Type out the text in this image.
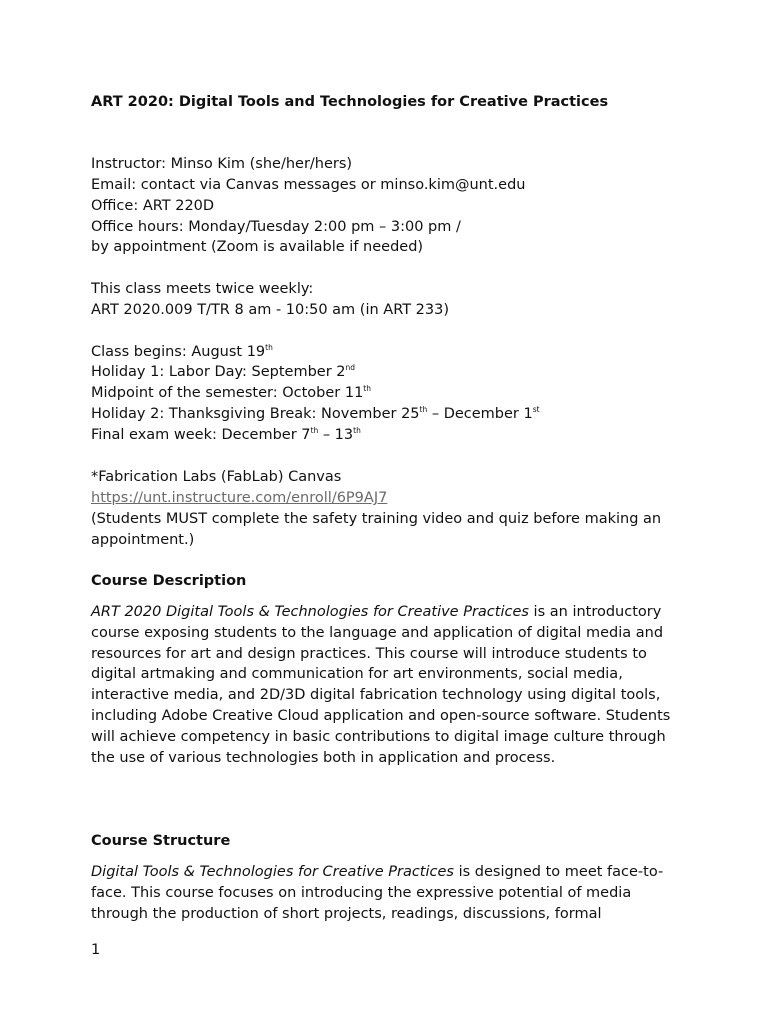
ART 2020: Digital Tools and Technologies for Creative Practices
Instructor: Minso Kim (she/her/hers)
Email: contact via Canvas messages or minso.kim@unt.edu
Office: ART 220D
Office hours: Monday/Tuesday 2:00 pm – 3:00 pm /
by appointment (Zoom is available if needed)
This class meets twice weekly:
ART 2020.009 T/TR 8 am - 10:50 am (in ART 233)
Class begins: August 19th
Holiday 1: Labor Day: September 2nd
Midpoint of the semester: October 11th
Holiday 2: Thanksgiving Break: November 25th – December 1st
Final exam week: December 7th – 13th
*Fabrication Labs (FabLab) Canvas
https://unt.instructure.com/enroll/6P9AJ7
(Students MUST complete the safety training video and quiz before making an appointment.)
Course Description
ART 2020 Digital Tools & Technologies for Creative Practices is an introductory course exposing students to the language and application of digital media and resources for art and design practices. This course will introduce students to digital artmaking and communication for art environments, social media, interactive media, and 2D/3D digital fabrication technology using digital tools, including Adobe Creative Cloud application and open-source software. Students will achieve competency in basic contributions to digital image culture through the use of various technologies both in application and process.
Course Structure
Digital Tools & Technologies for Creative Practices is designed to meet face-to-face. This course focuses on introducing the expressive potential of media through the production of short projects, readings, discussions, formal
1
